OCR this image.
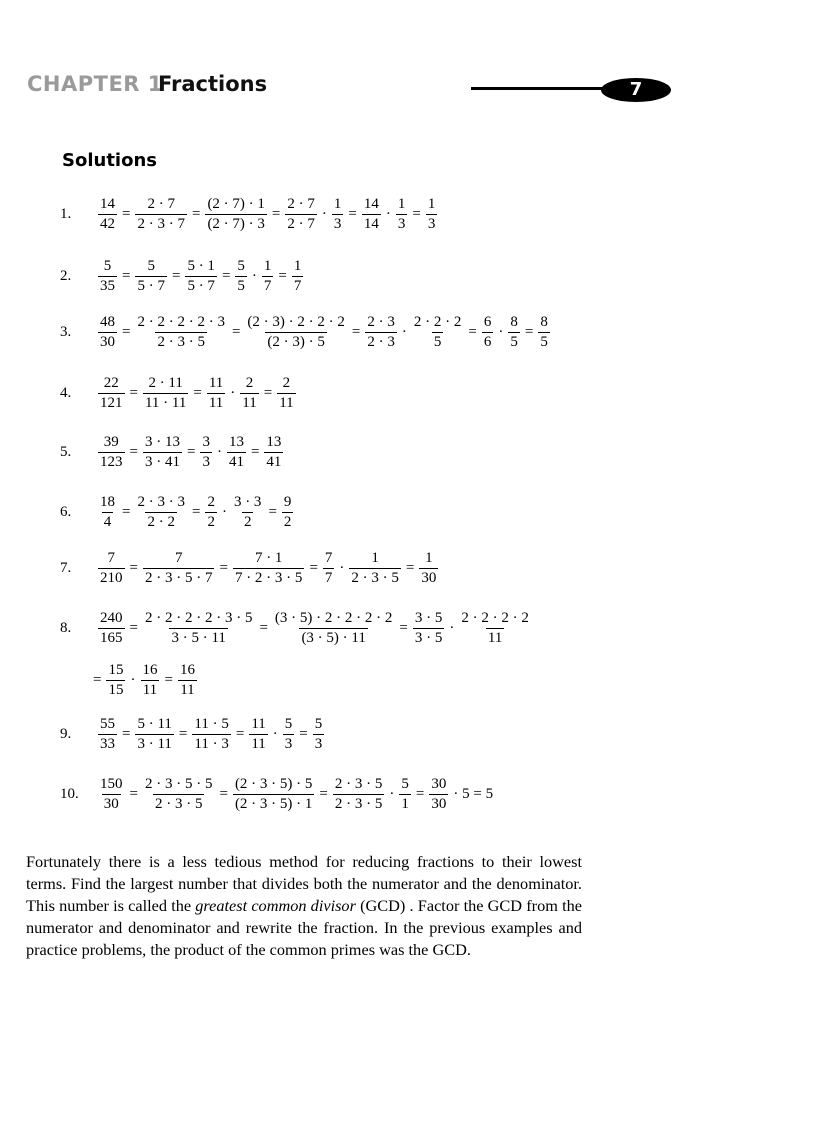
CHAPTER 1
Fractions	7
Solutions
1.	$\frac{14}{42} = \frac{2 \cdot 7}{2 \cdot 3 \cdot 7} = \frac{(2 \cdot 7) \cdot 1}{(2 \cdot 7) \cdot 3} = \frac{2 \cdot 7}{2 \cdot 7} \cdot \frac{1}{3} = \frac{14}{14} \cdot \frac{1}{3} = \frac{1}{3}$
2.	$\frac{5}{35} = \frac{5}{5 \cdot 7} = \frac{5 \cdot 1}{5 \cdot 7} = \frac{5}{5} \cdot \frac{1}{7} = \frac{1}{7}$
3.	$\frac{48}{30} = \frac{2 \cdot 2 \cdot 2 \cdot 2 \cdot 3}{2 \cdot 3 \cdot 5} = \frac{(2 \cdot 3) \cdot 2 \cdot 2 \cdot 2}{(2 \cdot 3) \cdot 5} = \frac{2 \cdot 3}{2 \cdot 3} \cdot \frac{2 \cdot 2 \cdot 2}{5} = \frac{6}{6} \cdot \frac{8}{5} = \frac{8}{5}$
4.	$\frac{22}{121} = \frac{2 \cdot 11}{11 \cdot 11} = \frac{11}{11} \cdot \frac{2}{11} = \frac{2}{11}$
5.	$\frac{39}{123} = \frac{3 \cdot 13}{3 \cdot 41} = \frac{3}{3} \cdot \frac{13}{41} = \frac{13}{41}$
6.	$\frac{18}{4} = \frac{2 \cdot 3 \cdot 3}{2 \cdot 2} = \frac{2}{2} \cdot \frac{3 \cdot 3}{2} = \frac{9}{2}$
7.	$\frac{7}{210} = \frac{7}{2 \cdot 3 \cdot 5 \cdot 7} = \frac{7 \cdot 1}{7 \cdot 2 \cdot 3 \cdot 5} = \frac{7}{7} \cdot \frac{1}{2 \cdot 3 \cdot 5} = \frac{1}{30}$
8.	$\frac{240}{165} = \frac{2 \cdot 2 \cdot 2 \cdot 2 \cdot 3 \cdot 5}{3 \cdot 5 \cdot 11} = \frac{(3 \cdot 5) \cdot 2 \cdot 2 \cdot 2 \cdot 2}{(3 \cdot 5) \cdot 11} = \frac{3 \cdot 5}{3 \cdot 5} \cdot \frac{2 \cdot 2 \cdot 2 \cdot 2}{11}$
= $\frac{15}{15} \cdot \frac{16}{11} = \frac{16}{11}$
9.	$\frac{55}{33} = \frac{5 \cdot 11}{3 \cdot 11} = \frac{11 \cdot 5}{11 \cdot 3} = \frac{11}{11} \cdot \frac{5}{3} = \frac{5}{3}$
10.	$\frac{150}{30} = \frac{2 \cdot 3 \cdot 5 \cdot 5}{2 \cdot 3 \cdot 5} = \frac{(2 \cdot 3 \cdot 5) \cdot 5}{(2 \cdot 3 \cdot 5) \cdot 1} = \frac{2 \cdot 3 \cdot 5}{2 \cdot 3 \cdot 5} \cdot \frac{5}{1} = \frac{30}{30} \cdot 5 = 5$

Fortunately there is a less tedious method for reducing fractions to their lowest terms. Find the largest number that divides both the numerator and the denominator. This number is called the greatest common divisor (GCD) . Factor the GCD from the numerator and denominator and rewrite the fraction. In the previous examples and practice problems, the product of the common primes was the GCD.
